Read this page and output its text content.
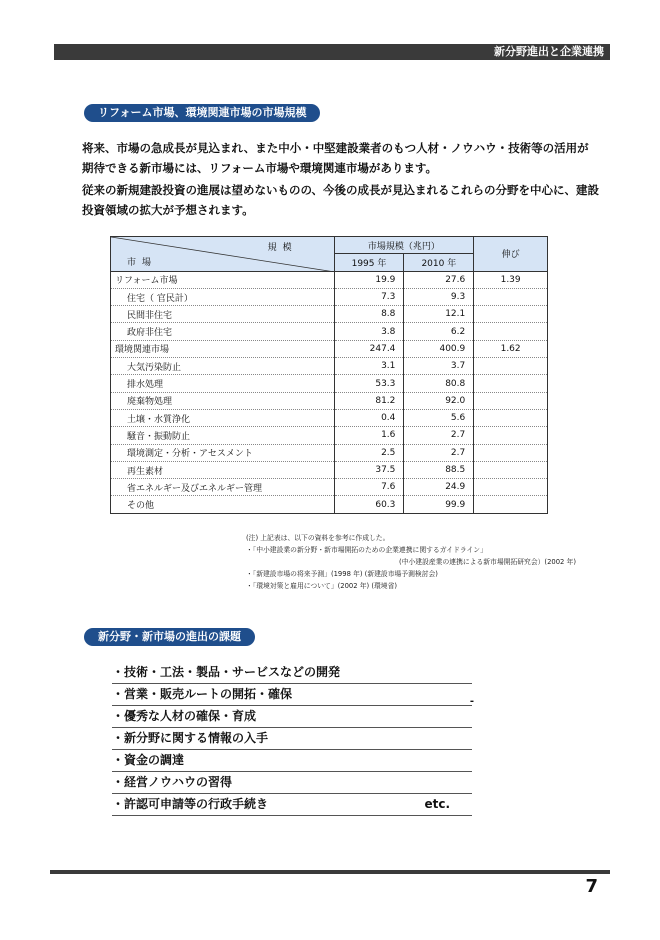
新分野進出と企業連携
リフォーム市場、環境関連市場の市場規模
将来、市場の急成長が見込まれ、また中小・中堅建設業者のもつ人材・ノウハウ・技術等の活用が期待できる新市場には、リフォーム市場や環境関連市場があります。
従来の新規建設投資の進展は望めないものの、今後の成長が見込まれるこれらの分野を中心に、建設投資領域の拡大が予想されます。
規模
市場	市場規模（兆円）		伸び
	1995 年	2010 年	
リフォーム市場	19.9	27.6	1.39
住宅（ 官民計）	7.3	9.3	
民間非住宅	8.8	12.1	
政府非住宅	3.8	6.2	
環境関連市場	247.4	400.9	1.62
大気汚染防止	3.1	3.7	
排水処理	53.3	80.8	
廃棄物処理	81.2	92.0	
土壌・水質浄化	0.4	5.6	
騒音・振動防止	1.6	2.7	
環境測定・分析・アセスメント	2.5	2.7	
再生素材	37.5	88.5	
省エネルギー及びエネルギー管理	7.6	24.9	
その他	60.3	99.9	
(注) 上記表は、以下の資料を参考に作成した。
・「中小建設業の新分野・新市場開拓のための企業連携に関するガイドライン」
(中小建設産業の連携による新市場開拓研究会）(2002 年)
・「新建設市場の将来予測」(1998 年) (新建設市場予測検討会)
・「環境対策と雇用について」(2002 年) (環境省)
新分野・新市場の進出の課題
・技術・工法・製品・サービスなどの開発
・営業・販売ルートの開拓・確保
-
・優秀な人材の確保・育成
・新分野に関する情報の入手
・資金の調達
・経営ノウハウの習得
・許認可申請等の行政手続き	etc.
7
